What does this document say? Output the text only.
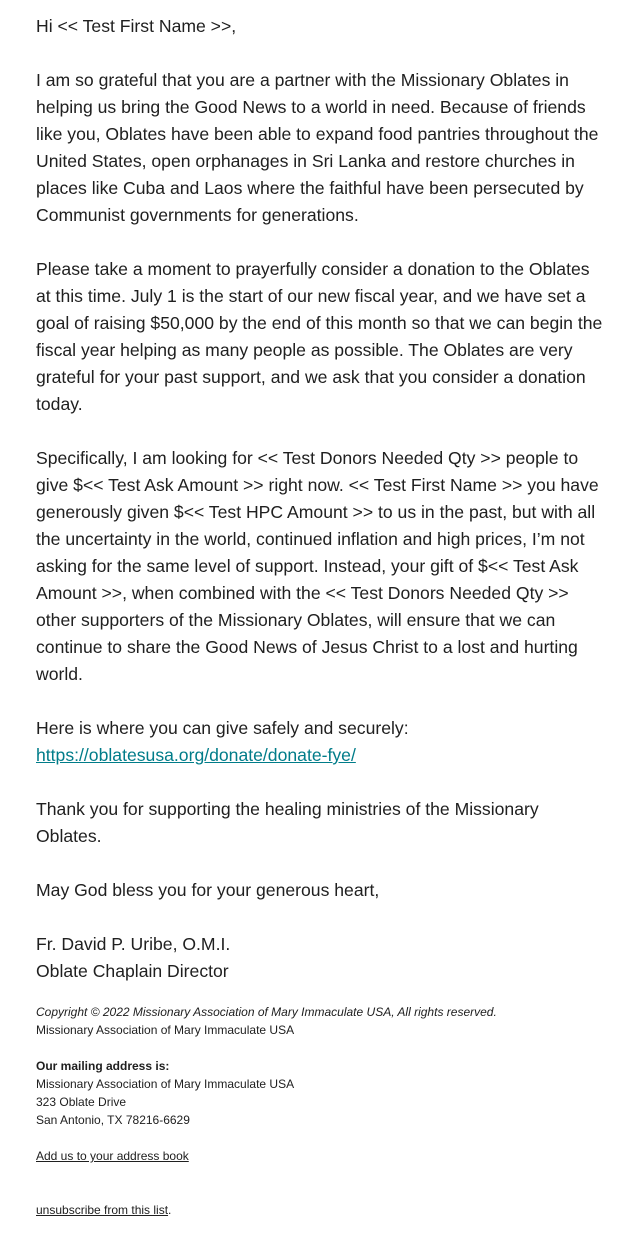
Hi << Test First Name >>,

I am so grateful that you are a partner with the Missionary Oblates in helping us bring the Good News to a world in need. Because of friends like you, Oblates have been able to expand food pantries throughout the United States, open orphanages in Sri Lanka and restore churches in places like Cuba and Laos where the faithful have been persecuted by Communist governments for generations.

Please take a moment to prayerfully consider a donation to the Oblates at this time. July 1 is the start of our new fiscal year, and we have set a goal of raising $50,000 by the end of this month so that we can begin the fiscal year helping as many people as possible. The Oblates are very grateful for your past support, and we ask that you consider a donation today.

Specifically, I am looking for << Test Donors Needed Qty >> people to give $<< Test Ask Amount >> right now. << Test First Name >> you have generously given $<< Test HPC Amount >> to us in the past, but with all the uncertainty in the world, continued inflation and high prices, I’m not asking for the same level of support. Instead, your gift of $<< Test Ask Amount >>, when combined with the << Test Donors Needed Qty >> other supporters of the Missionary Oblates, will ensure that we can continue to share the Good News of Jesus Christ to a lost and hurting world.

Here is where you can give safely and securely:
https://oblatesusa.org/donate/donate-fye/

Thank you for supporting the healing ministries of the Missionary Oblates.

May God bless you for your generous heart,

Fr. David P. Uribe, O.M.I.
Oblate Chaplain Director

Copyright © 2022 Missionary Association of Mary Immaculate USA, All rights reserved.

Missionary Association of Mary Immaculate USA

Our mailing address is:

Missionary Association of Mary Immaculate USA

323 Oblate Drive

San Antonio, TX 78216-6629

Add us to your address book

unsubscribe from this list.
